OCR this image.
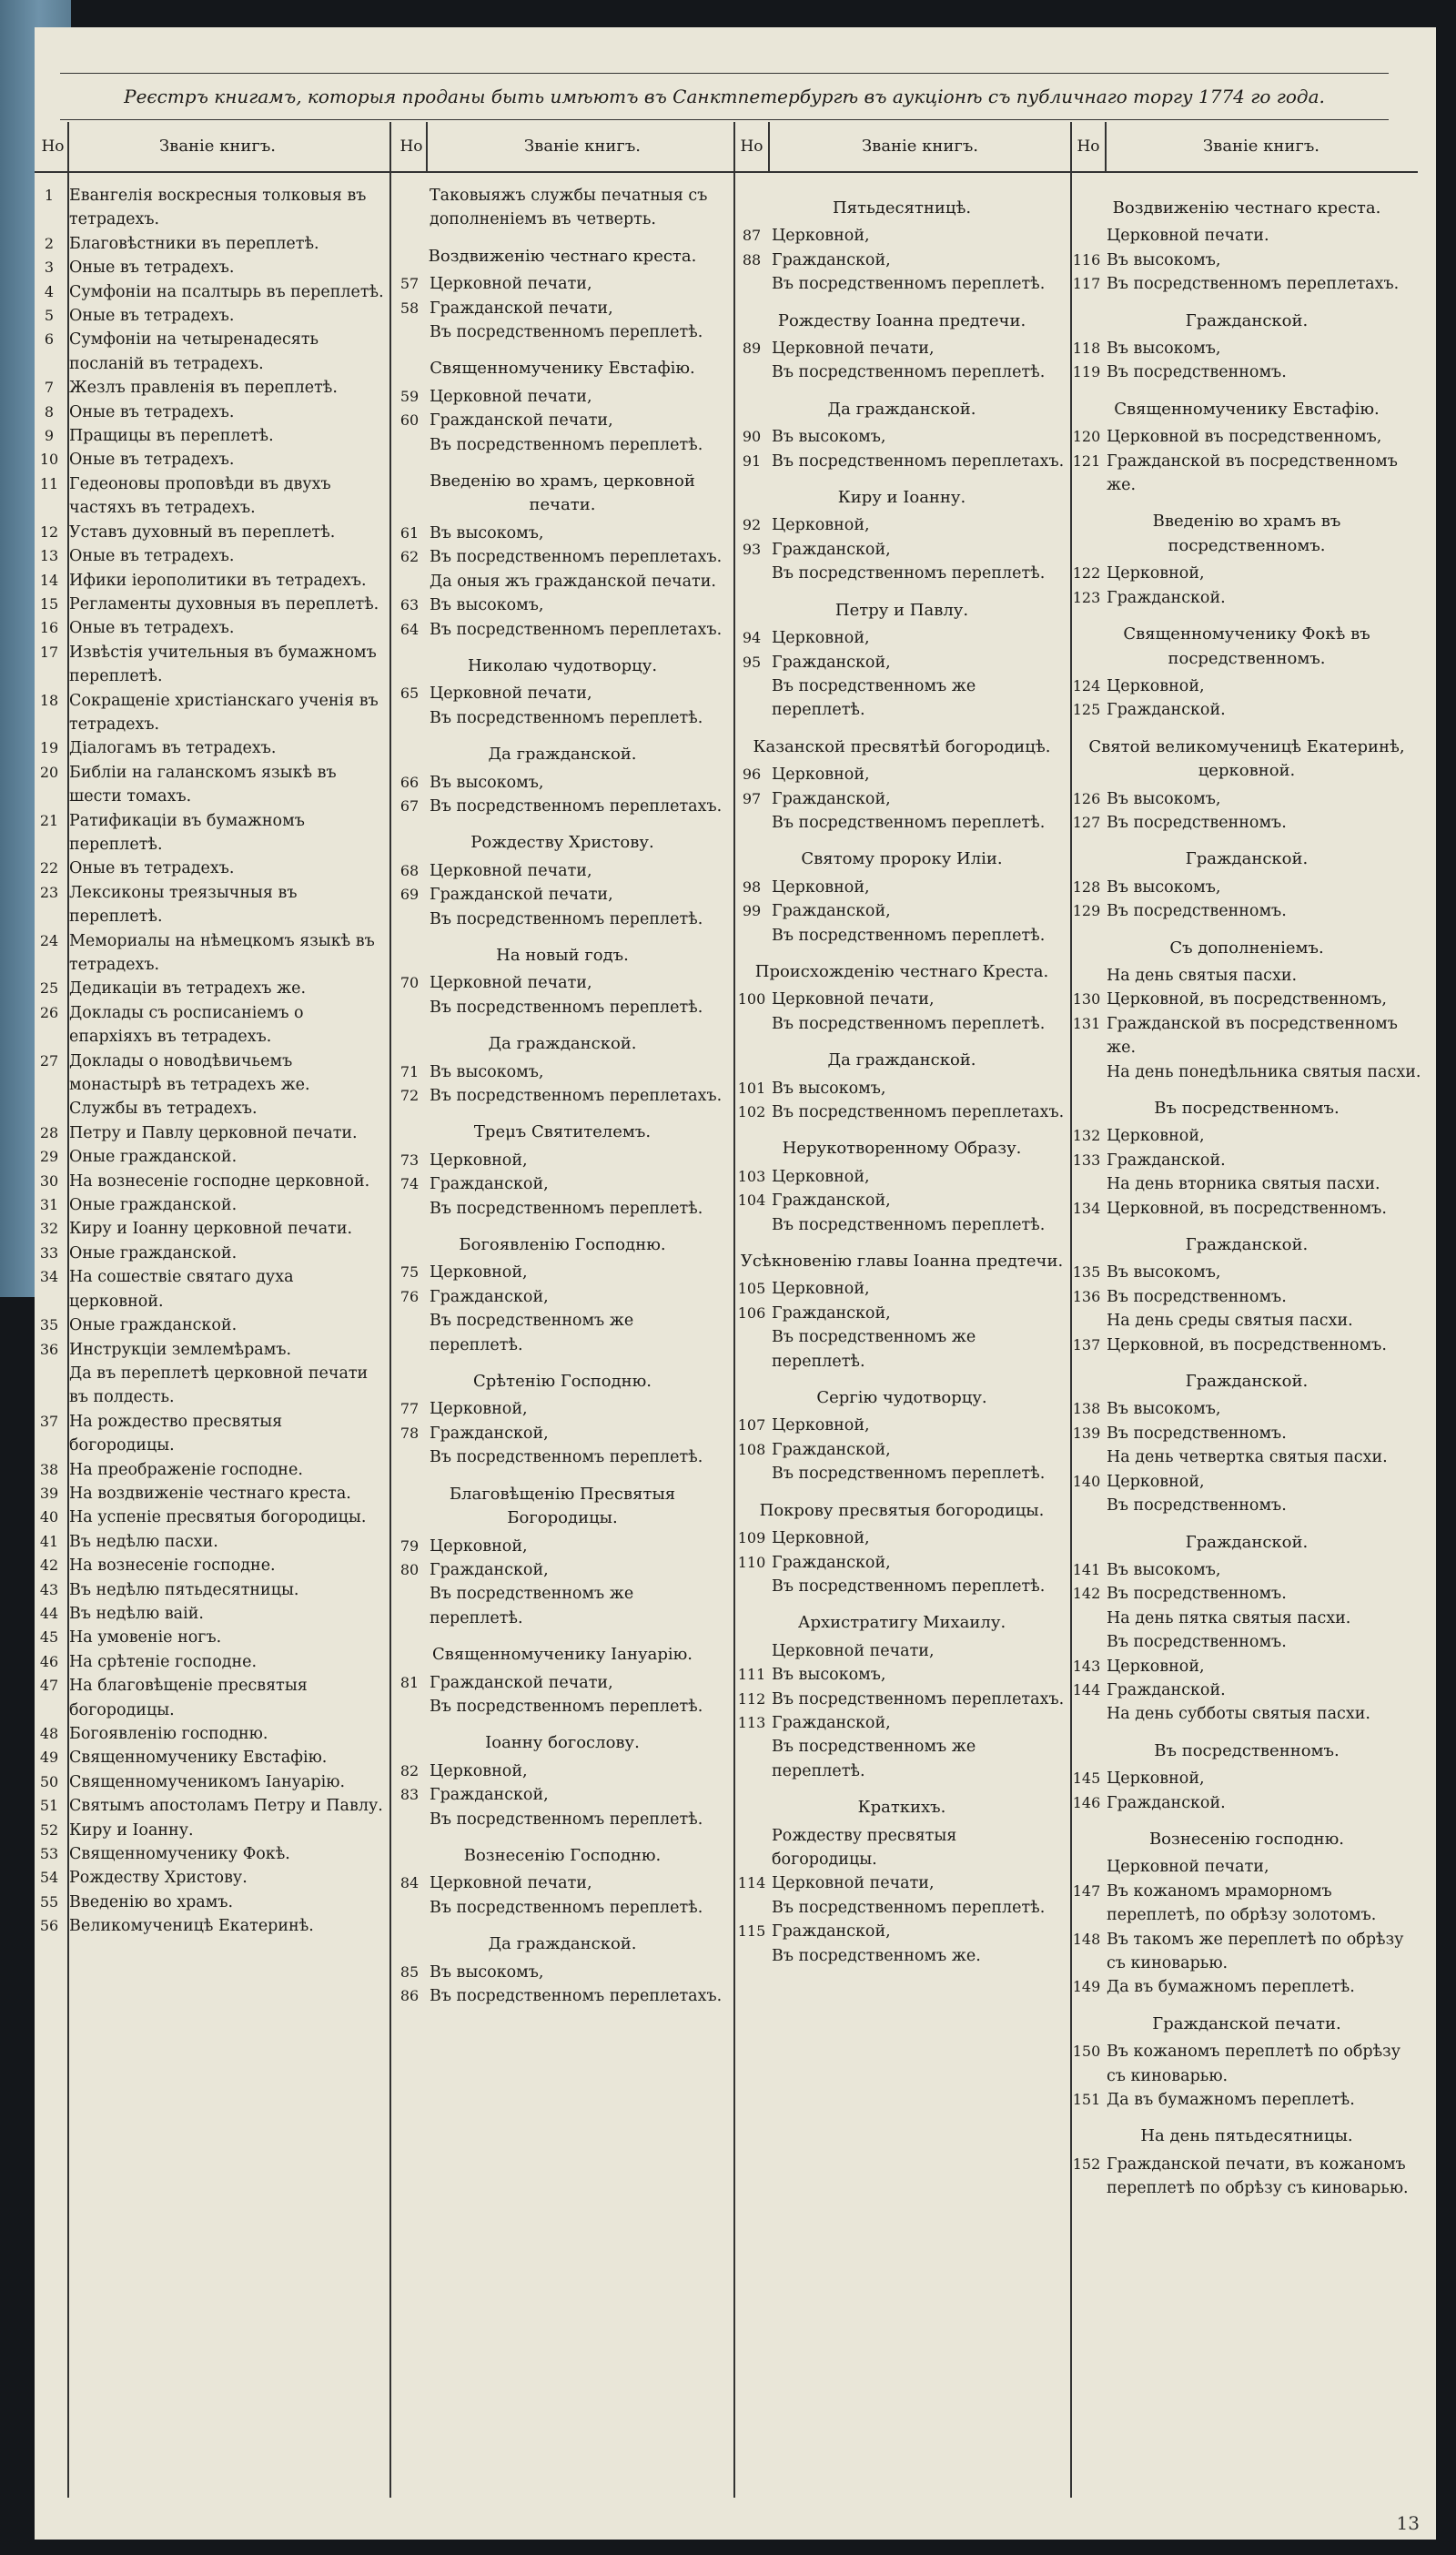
Реєстръ книгамъ, которыя проданы быть имѣютъ въ Санктпетербургѣ въ аукціонѣ съ публичнаго торгу 1774 го года.
Но	Званіе книгъ.	Но	Званіе книгъ.	Но	Званіе книгъ.	Но	Званіе книгъ.
1 Евангелія воскресныя толковыя въ тетрадехъ.
2 Благовѣстники въ переплетѣ.
3 Оные въ тетрадехъ.
4 Сумфоніи на псалтырь въ переплетѣ.
5 Оные въ тетрадехъ.
6 Сумфоніи на четыренадесять посланій въ тетрадехъ.
7 Жезлъ правленія въ переплетѣ.
8 Оные въ тетрадехъ.
9 Пращицы въ переплетѣ.
10 Оные въ тетрадехъ.
11 Гедеоновы проповѣди въ двухъ частяхъ въ тетрадехъ.
12 Уставъ духовный въ переплетѣ.
13 Оные въ тетрадехъ.
14 Ифики іерополитики въ тетрадехъ.
15 Регламенты духовныя въ переплетѣ.
16 Оные въ тетрадехъ.
17 Извѣстія учительныя въ бумажномъ переплетѣ.
18 Сокращеніе христіанскаго ученія въ тетрадехъ.
19 Діалогамъ въ тетрадехъ.
20 Библіи на галанскомъ языкѣ въ шести томахъ.
21 Ратификаціи въ бумажномъ переплетѣ.
22 Оные въ тетрадехъ.
23 Лексиконы треязычныя въ переплетѣ.
24 Мемориалы на нѣмецкомъ языкѣ въ тетрадехъ.
25 Дедикаціи въ тетрадехъ же.
26 Доклады съ росписаніемъ о епархіяхъ въ тетрадехъ.
27 Доклады о новодѣвичьемъ монастырѣ въ тетрадехъ же.
Службы въ тетрадехъ.
28 Петру и Павлу церковной печати.
29 Оные гражданской.
30 На вознесеніе господне церковной.
31 Оные гражданской.
32 Киру и Іоанну церковной печати.
33 Оные гражданской.
34 На сошествіе святаго духа церковной.
35 Оные гражданской.
36 Инструкціи землемѣрамъ.
Да въ переплетѣ церковной печати въ полдесть.
37 На рождество пресвятыя богородицы.
38 На преображеніе господне.
39 На воздвиженіе честнаго креста.
40 На успеніе пресвятыя богородицы.
41 Въ недѣлю пасхи.
42 На вознесеніе господне.
43 Въ недѣлю пятьдесятницы.
44 Въ недѣлю ваій.
45 На умовеніе ногъ.
46 На срѣтеніе господне.
47 На благовѣщеніе пресвятыя богородицы.
48 Богоявленію господню.
49 Священномученику Евстафію.
50 Священномученикомъ Іануарію.
51 Святымъ апостоламъ Петру и Павлу.
52 Киру и Іоанну.
53 Священномученику Фокѣ.
54 Рождеству Христову.
55 Введенію во храмъ.
56 Великомученицѣ Екатеринѣ.
Таковыяжъ службы печатныя съ дополненіемъ въ четверть.
Воздвиженію честнаго креста.
57 Церковной печати,
58 Гражданской печати,
Въ посредственномъ переплетѣ.
Священномученику Евстафію.
59 Церковной печати,
60 Гражданской печати,
Въ посредственномъ переплетѣ.
Введенію во храмъ, церковной печати.
61 Въ высокомъ,
62 Въ посредственномъ переплетахъ.
Да оныя жъ гражданской печати.
63 Въ высокомъ,
64 Въ посредственномъ переплетахъ.
Николаю чудотворцу.
65 Церковной печати,
Въ посредственномъ переплетѣ.
Да гражданской.
66 Въ высокомъ,
67 Въ посредственномъ переплетахъ.
Рождеству Христову.
68 Церковной печати,
69 Гражданской печати,
Въ посредственномъ переплетѣ.
На новый годъ.
70 Церковной печати,
Въ посредственномъ переплетѣ.
Да гражданской.
71 Въ высокомъ,
72 Въ посредственномъ переплетахъ.
Треμъ Святителемъ.
73 Церковной,
74 Гражданской,
Въ посредственномъ переплетѣ.
Богоявленію Господню.
75 Церковной,
76 Гражданской,
Въ посредственномъ же переплетѣ.
Срѣтенію Господню.
77 Церковной,
78 Гражданской,
Въ посредственномъ переплетѣ.
Благовѣщенію Пресвятыя Богородицы.
79 Церковной,
80 Гражданской,
Въ посредственномъ же переплетѣ.
Священномученику Іануарію.
81 Гражданской печати,
Въ посредственномъ переплетѣ.
Іоанну богослову.
82 Церковной,
83 Гражданской,
Въ посредственномъ переплетѣ.
Вознесенію Господню.
84 Церковной печати,
Въ посредственномъ переплетѣ.
Да гражданской.
85 Въ высокомъ,
86 Въ посредственномъ переплетахъ.
Пятьдесятницѣ.
87 Церковной,
88 Гражданской,
Въ посредственномъ переплетѣ.
Рождеству Іоанна предтечи.
89 Церковной печати,
Въ посредственномъ переплетѣ.
Да гражданской.
90 Въ высокомъ,
91 Въ посредственномъ переплетахъ.
Киру и Іоанну.
92 Церковной,
93 Гражданской,
Въ посредственномъ переплетѣ.
Петру и Павлу.
94 Церковной,
95 Гражданской,
Въ посредственномъ же переплетѣ.
Казанской пресвятѣй богородицѣ.
96 Церковной,
97 Гражданской,
Въ посредственномъ переплетѣ.
Святому пророку Иліи.
98 Церковной,
99 Гражданской,
Въ посредственномъ переплетѣ.
Происхожденію честнаго Креста.
100 Церковной печати,
Въ посредственномъ переплетѣ.
Да гражданской.
101 Въ высокомъ,
102 Въ посредственномъ переплетахъ.
Нерукотворенному Образу.
103 Церковной,
104 Гражданской,
Въ посредственномъ переплетѣ.
Усѣкновенію главы Іоанна предтечи.
105 Церковной,
106 Гражданской,
Въ посредственномъ же переплетѣ.
Сергію чудотворцу.
107 Церковной,
108 Гражданской,
Въ посредственномъ переплетѣ.
Покрову пресвятыя богородицы.
109 Церковной,
110 Гражданской,
Въ посредственномъ переплетѣ.
Архистратигу Михаилу.
Церковной печати,
111 Въ высокомъ,
112 Въ посредственномъ переплетахъ.
113 Гражданской,
Въ посредственномъ же переплетѣ.
Краткихъ.
Рождеству пресвятыя богородицы.
114 Церковной печати,
Въ посредственномъ переплетѣ.
115 Гражданской,
Въ посредственномъ же.
Воздвиженію честнаго креста.
Церковной печати.
116 Въ высокомъ,
117 Въ посредственномъ переплетахъ.
Гражданской.
118 Въ высокомъ,
119 Въ посредственномъ.
Священномученику Евстафію.
120 Церковной въ посредственномъ,
121 Гражданской въ посредственномъ же.
Введенію во храмъ въ посредственномъ.
122 Церковной,
123 Гражданской.
Священномученику Фокѣ въ посредственномъ.
124 Церковной,
125 Гражданской.
Святой великомученицѣ Екатеринѣ, церковной.
126 Въ высокомъ,
127 Въ посредственномъ.
Гражданской.
128 Въ высокомъ,
129 Въ посредственномъ.
Съ дополненіемъ.
На день святыя пасхи.
130 Церковной, въ посредственномъ,
131 Гражданской въ посредственномъ же.
На день понедѣльника святыя пасхи.
Въ посредственномъ.
132 Церковной,
133 Гражданской.
На день вторника святыя пасхи.
134 Церковной, въ посредственномъ.
Гражданской.
135 Въ высокомъ,
136 Въ посредственномъ.
На день среды святыя пасхи.
137 Церковной, въ посредственномъ.
Гражданской.
138 Въ высокомъ,
139 Въ посредственномъ.
На день четвертка святыя пасхи.
140 Церковной,
Въ посредственномъ.
Гражданской.
141 Въ высокомъ,
142 Въ посредственномъ.
На день пятка святыя пасхи.
Въ посредственномъ.
143 Церковной,
144 Гражданской.
На день субботы святыя пасхи.
Въ посредственномъ.
145 Церковной,
146 Гражданской.
Вознесенію господню.
Церковной печати,
147 Въ кожаномъ мраморномъ переплетѣ, по обрѣзу золотомъ.
148 Въ такомъ же переплетѣ по обрѣзу съ киноварью.
149 Да въ бумажномъ переплетѣ.
Гражданской печати.
150 Въ кожаномъ переплетѣ по обрѣзу съ киноварью.
151 Да въ бумажномъ переплетѣ.
На день пятьдесятницы.
152 Гражданской печати, въ кожаномъ переплетѣ по обрѣзу съ киноварью.
13
